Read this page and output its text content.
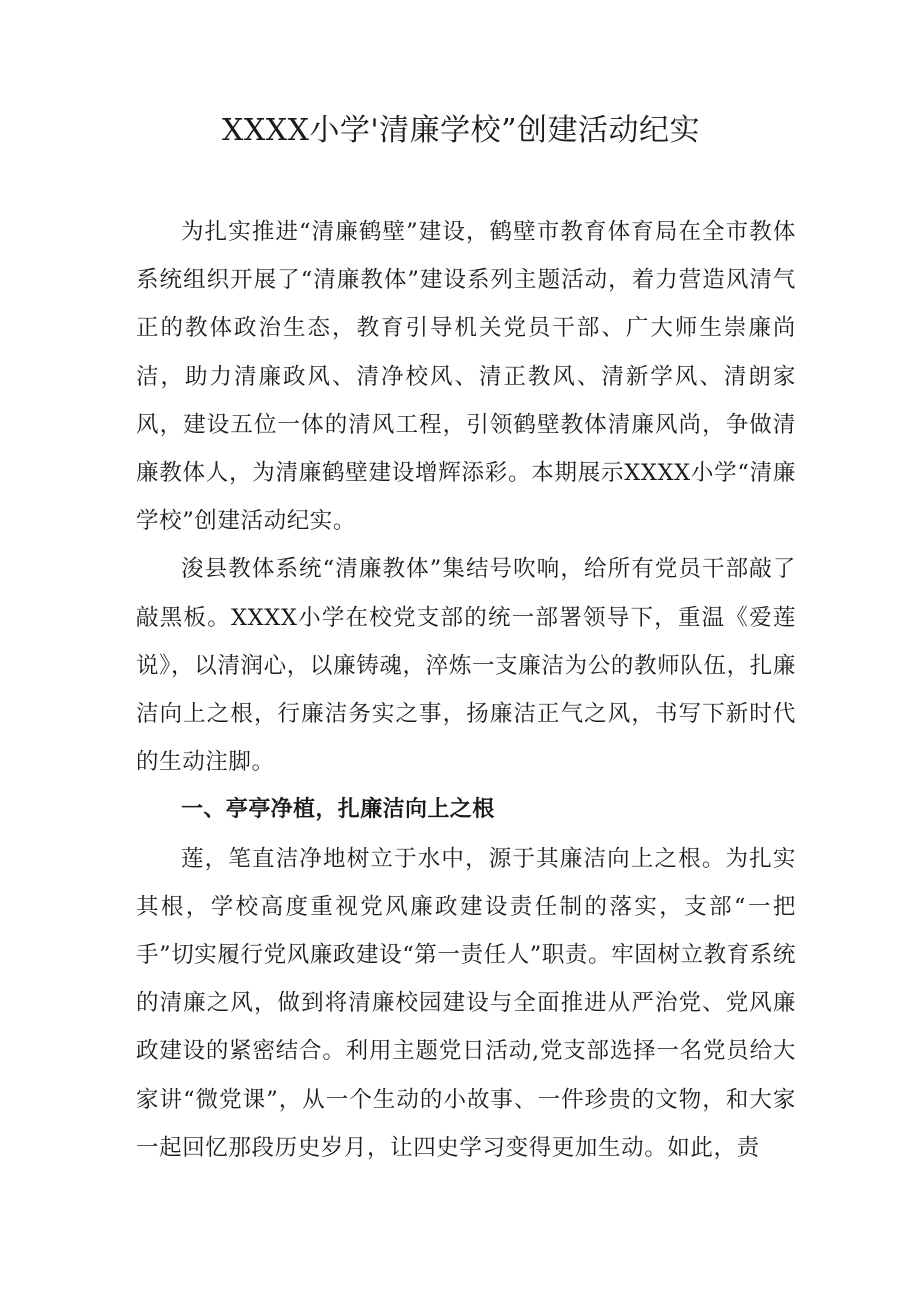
XXXX小学'清廉学校”创建活动纪实

为扎实推进“清廉鹤壁”建设，鹤壁市教育体育局在全市教体系统组织开展了“清廉教体”建设系列主题活动，着力营造风清气正的教体政治生态，教育引导机关党员干部、广大师生崇廉尚洁，助力清廉政风、清净校风、清正教风、清新学风、清朗家风，建设五位一体的清风工程，引领鹤壁教体清廉风尚，争做清廉教体人，为清廉鹤壁建设增辉添彩。本期展示XXXX小学“清廉学校”创建活动纪实。

浚县教体系统“清廉教体”集结号吹响，给所有党员干部敲了敲黑板。XXXX小学在校党支部的统一部署领导下，重温《爱莲说》，以清润心，以廉铸魂，淬炼一支廉洁为公的教师队伍，扎廉洁向上之根，行廉洁务实之事，扬廉洁正气之风，书写下新时代的生动注脚。

一、亭亭净植，扎廉洁向上之根

莲，笔直洁净地树立于水中，源于其廉洁向上之根。为扎实其根，学校高度重视党风廉政建设责任制的落实，支部“一把手”切实履行党风廉政建设“第一责任人”职责。牢固树立教育系统的清廉之风，做到将清廉校园建设与全面推进从严治党、党风廉政建设的紧密结合。利用主题党日活动,党支部选择一名党员给大家讲“微党课”，从一个生动的小故事、一件珍贵的文物，和大家一起回忆那段历史岁月，让四史学习变得更加生动。如此，责
